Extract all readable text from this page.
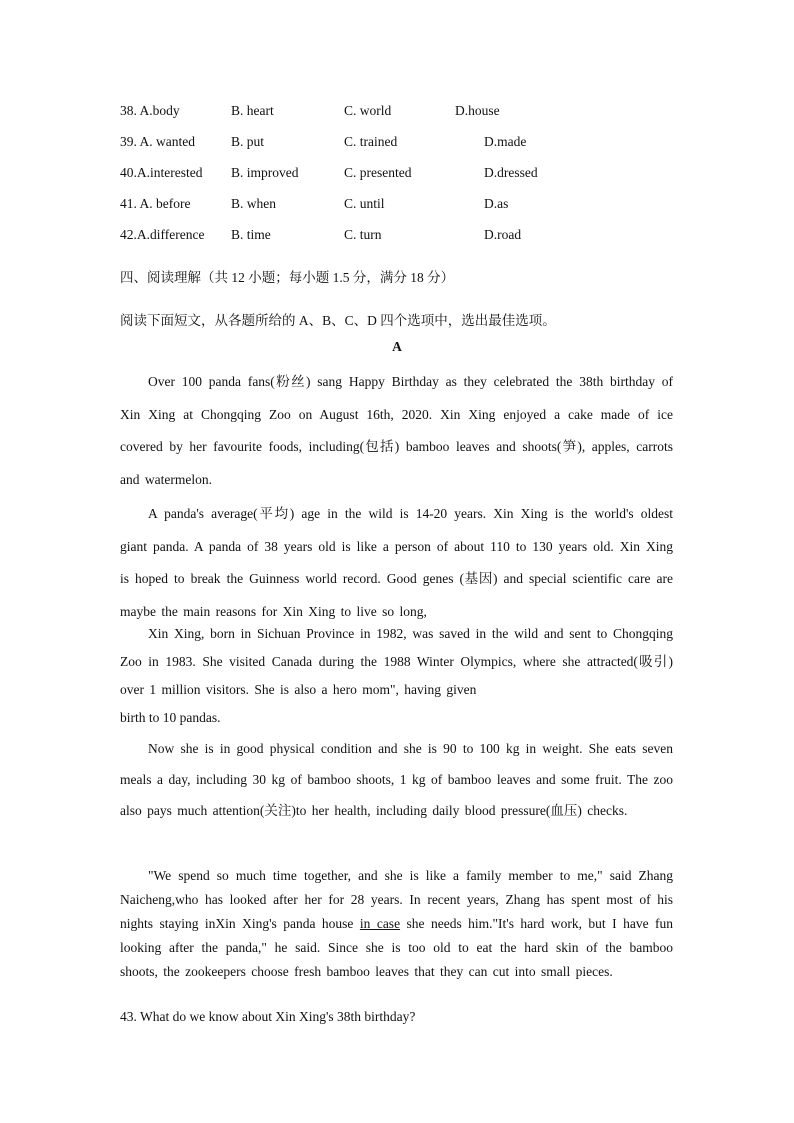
38. A.body	B. heart	C. world	D.house
39. A. wanted	B. put	C. trained	D.made
40.A.interested B. improved	C. presented	D.dressed
41. A. before	B. when	C. until	D.as
42.A.difference B. time	C. turn	D.road
四、阅读理解（共 12 小题；每小题 1.5 分，满分 18 分）
阅读下面短文，从各题所给的 A、B、C、D 四个选项中，选出最佳选项。
A

Over 100 panda fans(粉丝) sang Happy Birthday as they celebrated the 38th birthday of Xin Xing at Chongqing Zoo on August 16th, 2020. Xin Xing enjoyed a cake made of ice covered by her favourite foods, including(包括) bamboo leaves and shoots(笋), apples, carrots and watermelon.

A panda's average(平均) age in the wild is 14-20 years. Xin Xing is the world's oldest giant panda. A panda of 38 years old is like a person of about 110 to 130 years old. Xin Xing is hoped to break the Guinness world record. Good genes (基因) and special scientific care are maybe the main reasons for Xin Xing to live so long,

Xin Xing, born in Sichuan Province in 1982, was saved in the wild and sent to Chongqing Zoo in 1983. She visited Canada during the 1988 Winter Olympics, where she attracted(吸引) over 1 million visitors. She is also a hero mom", having given

birth to 10 pandas.

Now she is in good physical condition and she is 90 to 100 kg in weight. She eats seven meals a day, including 30 kg of bamboo shoots, 1 kg of bamboo leaves and some fruit. The zoo also pays much attention(关注)to her health, including daily blood pressure(血压) checks.

"We spend so much time together, and she is like a family member to me," said Zhang Naicheng,who has looked after her for 28 years. In recent years, Zhang has spent most of his nights staying inXin Xing's panda house in case she needs him."It's hard work, but I have fun looking after the panda," he said. Since she is too old to eat the hard skin of the bamboo shoots, the zookeepers choose fresh bamboo leaves that they can cut into small pieces.

43. What do we know about Xin Xing's 38th birthday?
